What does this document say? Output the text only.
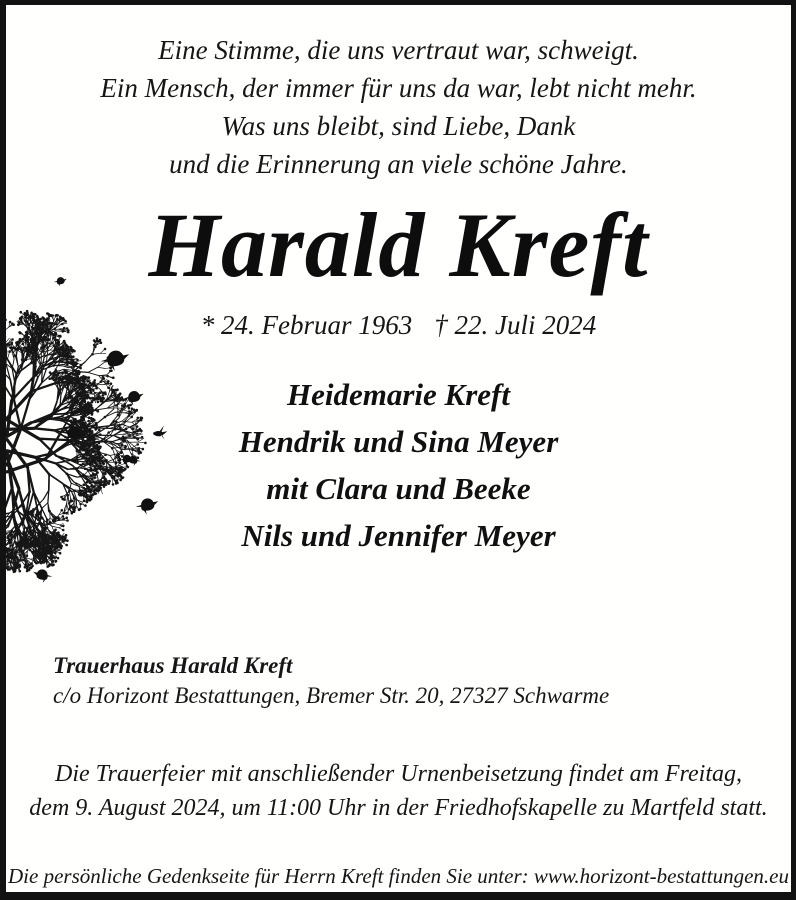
Eine Stimme, die uns vertraut war, schweigt.
Ein Mensch, der immer für uns da war, lebt nicht mehr.
Was uns bleibt, sind Liebe, Dank
und die Erinnerung an viele schöne Jahre.
Harald Kreft
* 24. Februar 1963 † 22. Juli 2024
Heidemarie Kreft
Hendrik und Sina Meyer
mit Clara und Beeke
Nils und Jennifer Meyer
Trauerhaus Harald Kreft
c/o Horizont Bestattungen, Bremer Str. 20, 27327 Schwarme
Die Trauerfeier mit anschließender Urnenbeisetzung findet am Freitag,
dem 9. August 2024, um 11:00 Uhr in der Friedhofskapelle zu Martfeld statt.
Die persönliche Gedenkseite für Herrn Kreft finden Sie unter: www.horizont-bestattungen.eu
